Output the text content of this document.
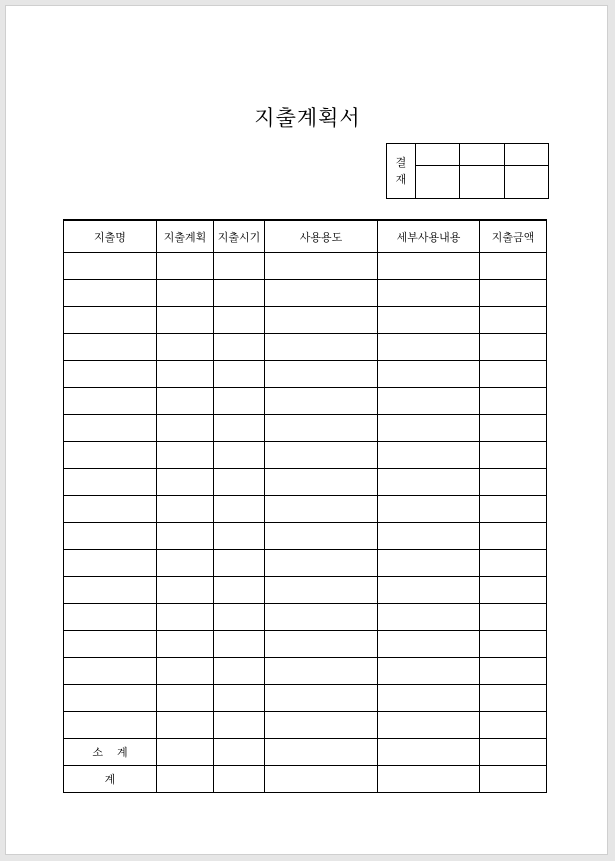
지출계획서
결
재			

지출명	지출계획	지출시기	사용용도	세부사용내용	지출금액

소    계					
계					
